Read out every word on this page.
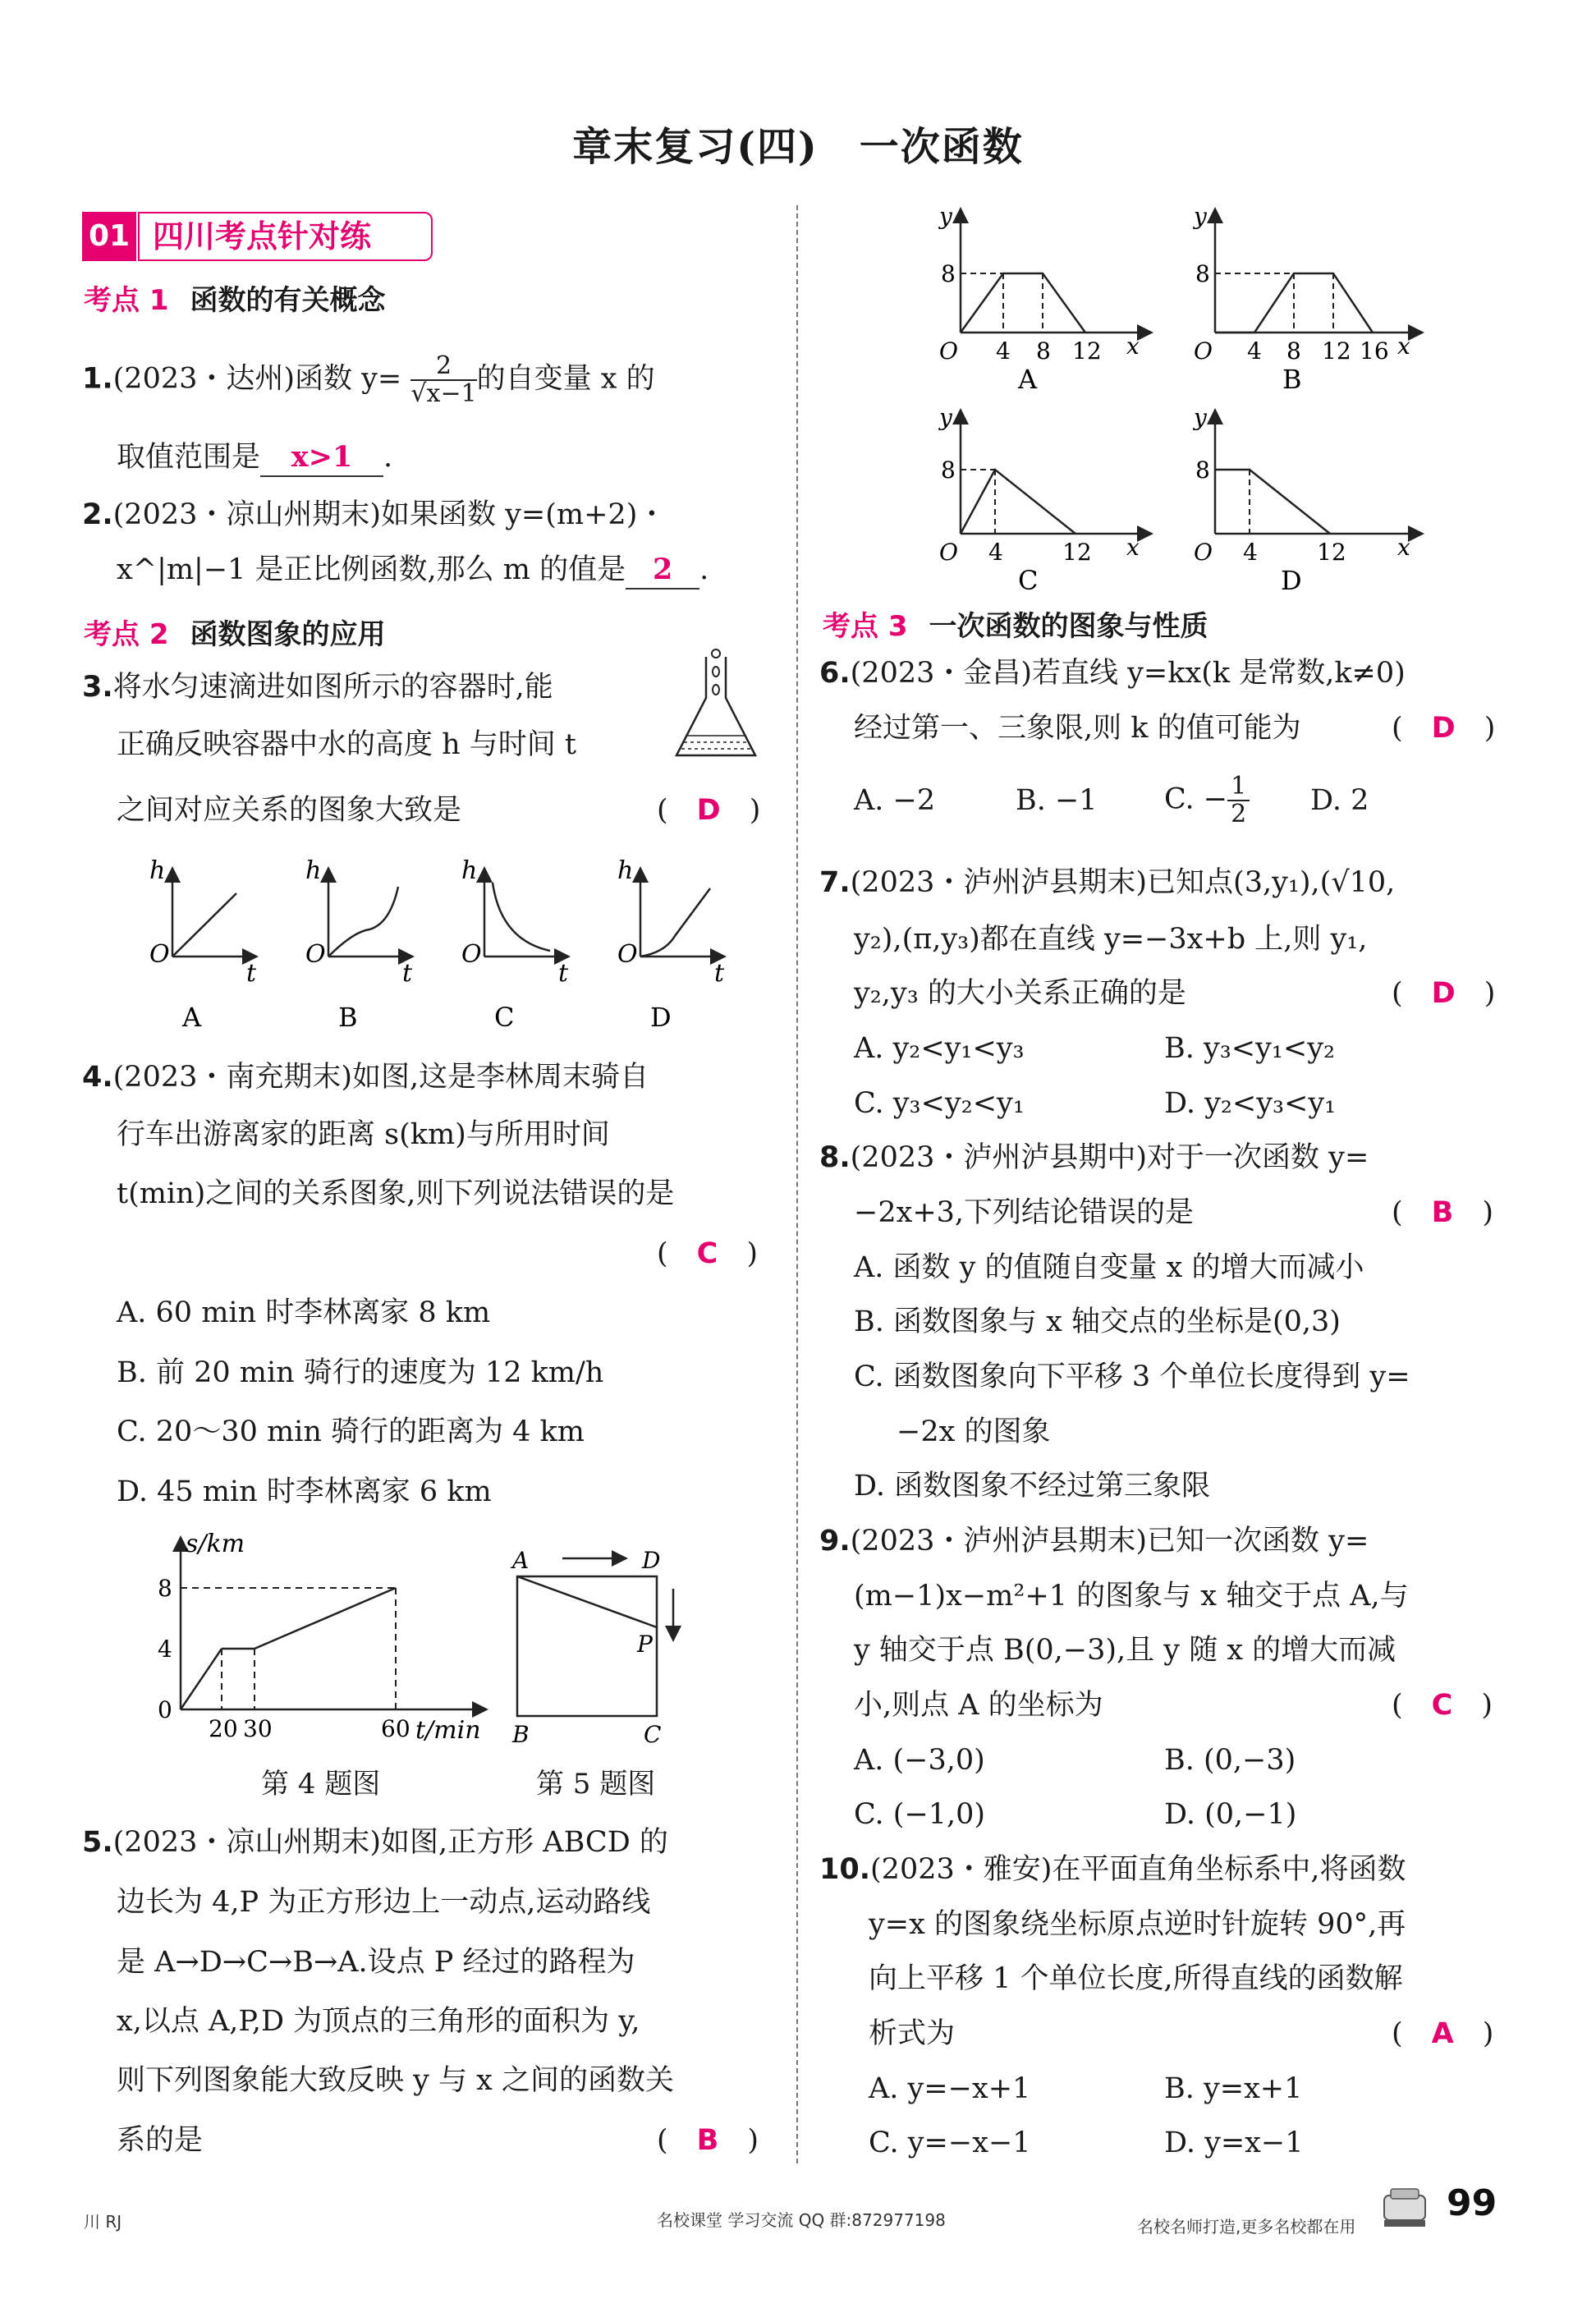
章末复习(四)　一次函数
01 四川考点针对练
考点 1 函数的有关概念
1.(2023・达州)函数 $y= \frac{2}{√x-1}$ 的自变量 x 的
取值范围是 x>1 .
2.(2023・凉山州期末)如果函数 y=(m+2)・
x^|m|−1 是正比例函数,那么 m 的值是 2 .
考点 2 函数图象的应用
3.将水匀速滴进如图所示的容器时,能
正确反映容器中水的高度 h 与时间 t
之间对应关系的图象大致是	(　D　)
O
h
t
A
O
h
t
B
O
h
t
C
O
h
t
D
4.(2023・南充期末)如图,这是李林周末骑自
行车出游离家的距离 s(km)与所用时间
t(min)之间的关系图象,则下列说法错误的是
(　C　)
A. 60 min 时李林离家 8 km
B. 前 20 min 骑行的速度为 12 km/h
C. 20～30 min 骑行的距离为 4 km
D. 45 min 时李林离家 6 km
s/km
8
4
0
20 30	60 t/min
第 4 题图
A	D
P
B	C
第 5 题图
5.(2023・凉山州期末)如图,正方形 ABCD 的
边长为 4,P 为正方形边上一动点,运动路线
是 A→D→C→B→A.设点 P 经过的路程为
x,以点 A,P,D 为顶点的三角形的面积为 y,
则下列图象能大致反映 y 与 x 之间的函数关
系的是	(　B　)
y
8
O 4 8 12 x
A
y
8
O 4 8 12 16 x
B
y
8
O 4	12 x
C
y
8
O 4	12 x
D
考点 3 一次函数的图象与性质
6.(2023・金昌)若直线 y=kx(k 是常数,k≠0)
经过第一、三象限,则 k 的值可能为	(　D　)
A. −2	B. −1 C. − $\frac{1}{2} D$. 2
7.(2023・泸州泸县期末)已知点(3,y₁),(√10,
y₂),(π,y₃)都在直线 y=−3x+b 上,则 y₁,
y₂,y₃ 的大小关系正确的是	(　D　)
A. y₂<y₁<y₃	B. y₃<y₁<y₂
C. y₃<y₂<y₁	D. y₂<y₃<y₁
8.(2023・泸州泸县期中)对于一次函数 y=
−2x+3,下列结论错误的是	(　B　)
A. 函数 y 的值随自变量 x 的增大而减小
B. 函数图象与 x 轴交点的坐标是(0,3)
C. 函数图象向下平移 3 个单位长度得到 y=
−2x 的图象
D. 函数图象不经过第三象限
9.(2023・泸州泸县期末)已知一次函数 y=
(m−1)x−m²+1 的图象与 x 轴交于点 A,与
y 轴交于点 B(0,−3),且 y 随 x 的增大而减
小,则点 A 的坐标为	(　C　)
A. (−3,0)	B. (0,−3)
C. (−1,0)	D. (0,−1)
10.(2023・雅安)在平面直角坐标系中,将函数
y=x 的图象绕坐标原点逆时针旋转 90°,再
向上平移 1 个单位长度,所得直线的函数解
析式为	(　A　)
A. y=−x+1	B. y=x+1
C. y=−x−1	D. y=x−1
川 RJ	名校课堂 学习交流 QQ 群:872977198	名校名师打造,更多名校都在用
99
